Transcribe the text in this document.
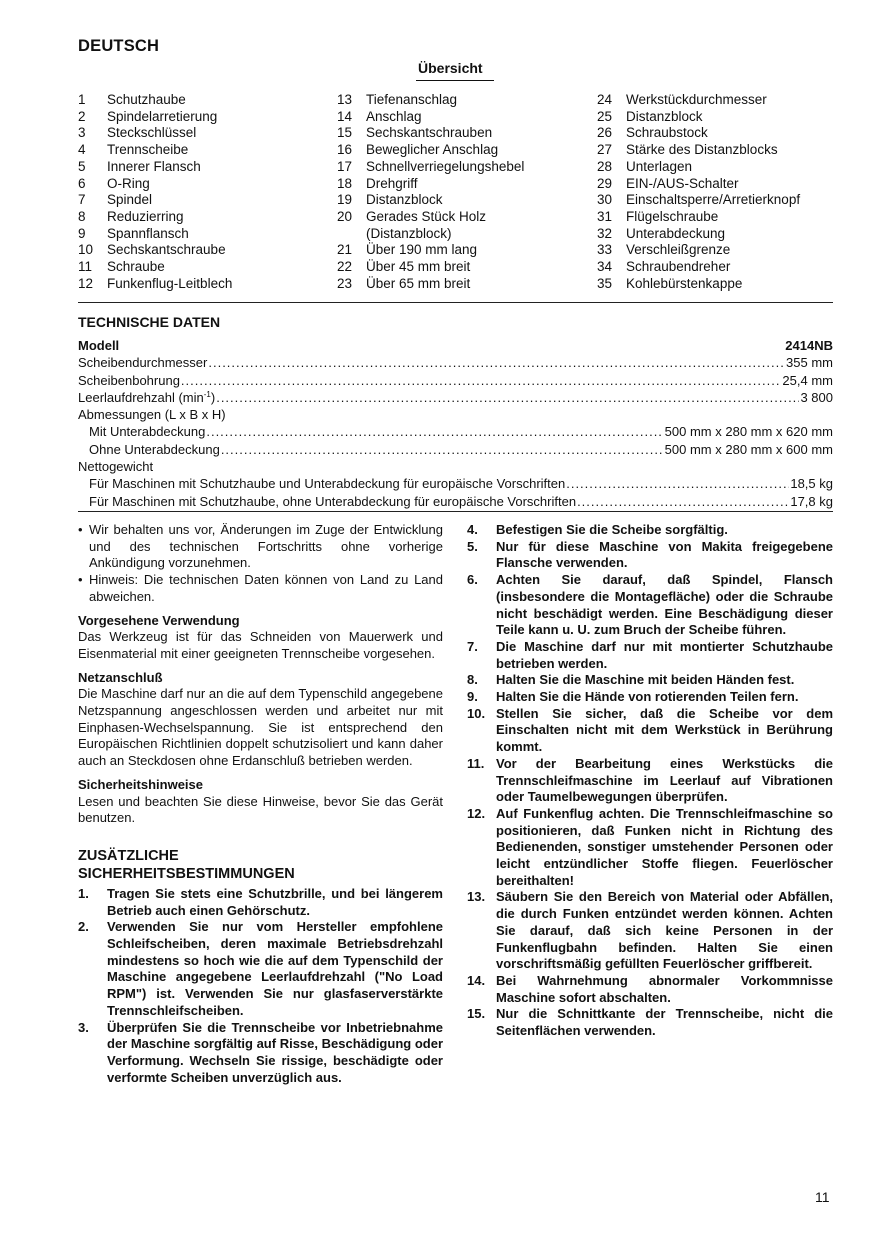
DEUTSCH
Übersicht
1	Schutzhaube
2	Spindelarretierung
3	Steckschlüssel
4	Trennscheibe
5	Innerer Flansch
6	O-Ring
7	Spindel
8	Reduzierring
9	Spannflansch
10	Sechskantschraube
11	Schraube
12	Funkenflug-Leitblech
13	Tiefenanschlag
14	Anschlag
15	Sechskantschrauben
16	Beweglicher Anschlag
17	Schnellverriegelungshebel
18	Drehgriff
19	Distanzblock
20	Gerades Stück Holz
(Distanzblock)
21	Über 190 mm lang
22	Über 45 mm breit
23	Über 65 mm breit
24	Werkstückdurchmesser
25	Distanzblock
26	Schraubstock
27	Stärke des Distanzblocks
28	Unterlagen
29	EIN-/AUS-Schalter
30	Einschaltsperre/Arretierknopf
31	Flügelschraube
32	Unterabdeckung
33	Verschleißgrenze
34	Schraubendreher
35	Kohlebürstenkappe
TECHNISCHE DATEN
Modell	2414NB
Scheibendurchmesser .....	355 mm
Scheibenbohrung .....	25,4 mm
Leerlaufdrehzahl $(\min^{-1})$ .....	3 800
Abmessungen (L x B x H)
Mit Unterabdeckung .....	500 mm x 280 mm x 620 mm
Ohne Unterabdeckung .....	500 mm x 280 mm x 600 mm
Nettogewicht
Für Maschinen mit Schutzhaube und Unterabdeckung für europäische Vorschriften .....	18,5 kg
Für Maschinen mit Schutzhaube, ohne Unterabdeckung für europäische Vorschriften .....	17,8 kg
• Wir behalten uns vor, Änderungen im Zuge der Entwicklung und des technischen Fortschritts ohne vorherige Ankündigung vorzunehmen.
• Hinweis: Die technischen Daten können von Land zu Land abweichen.
Vorgesehene Verwendung
Das Werkzeug ist für das Schneiden von Mauerwerk und Eisenmaterial mit einer geeigneten Trennscheibe vorgesehen.
Netzanschluß
Die Maschine darf nur an die auf dem Typenschild angegebene Netzspannung angeschlossen werden und arbeitet nur mit Einphasen-Wechselspannung. Sie ist entsprechend den Europäischen Richtlinien doppelt schutzisoliert und kann daher auch an Steckdosen ohne Erdanschluß betrieben werden.
Sicherheitshinweise
Lesen und beachten Sie diese Hinweise, bevor Sie das Gerät benutzen.
ZUSÄTZLICHE
SICHERHEITSBESTIMMUNGEN
1.	Tragen Sie stets eine Schutzbrille, und bei längerem Betrieb auch einen Gehörschutz.
2.	Verwenden Sie nur vom Hersteller empfohlene Schleifscheiben, deren maximale Betriebsdrehzahl mindestens so hoch wie die auf dem Typenschild der Maschine angegebene Leerlaufdrehzahl ("No Load RPM") ist. Verwenden Sie nur glasfaserverstärkte Trennschleifscheiben.
3.	Überprüfen Sie die Trennscheibe vor Inbetriebnahme der Maschine sorgfältig auf Risse, Beschädigung oder Verformung. Wechseln Sie rissige, beschädigte oder verformte Scheiben unverzüglich aus.
4.	Befestigen Sie die Scheibe sorgfältig.
5.	Nur für diese Maschine von Makita freigegebene Flansche verwenden.
6.	Achten Sie darauf, daß Spindel, Flansch (insbesondere die Montagefläche) oder die Schraube nicht beschädigt werden. Eine Beschädigung dieser Teile kann u. U. zum Bruch der Scheibe führen.
7.	Die Maschine darf nur mit montierter Schutzhaube betrieben werden.
8.	Halten Sie die Maschine mit beiden Händen fest.
9.	Halten Sie die Hände von rotierenden Teilen fern.
10. Stellen Sie sicher, daß die Scheibe vor dem Einschalten nicht mit dem Werkstück in Berührung kommt.
11. Vor der Bearbeitung eines Werkstücks die Trennschleifmaschine im Leerlauf auf Vibrationen oder Taumelbewegungen überprüfen.
12. Auf Funkenflug achten. Die Trennschleifmaschine so positionieren, daß Funken nicht in Richtung des Bedienenden, sonstiger umstehender Personen oder leicht entzündlicher Stoffe fliegen. Feuerlöscher bereithalten!
13. Säubern Sie den Bereich von Material oder Abfällen, die durch Funken entzündet werden können. Achten Sie darauf, daß sich keine Personen in der Funkenflugbahn befinden. Halten Sie einen vorschriftsmäßig gefüllten Feuerlöscher griffbereit.
14. Bei Wahrnehmung abnormaler Vorkommnisse Maschine sofort abschalten.
15. Nur die Schnittkante der Trennscheibe, nicht die Seitenflächen verwenden.
11
